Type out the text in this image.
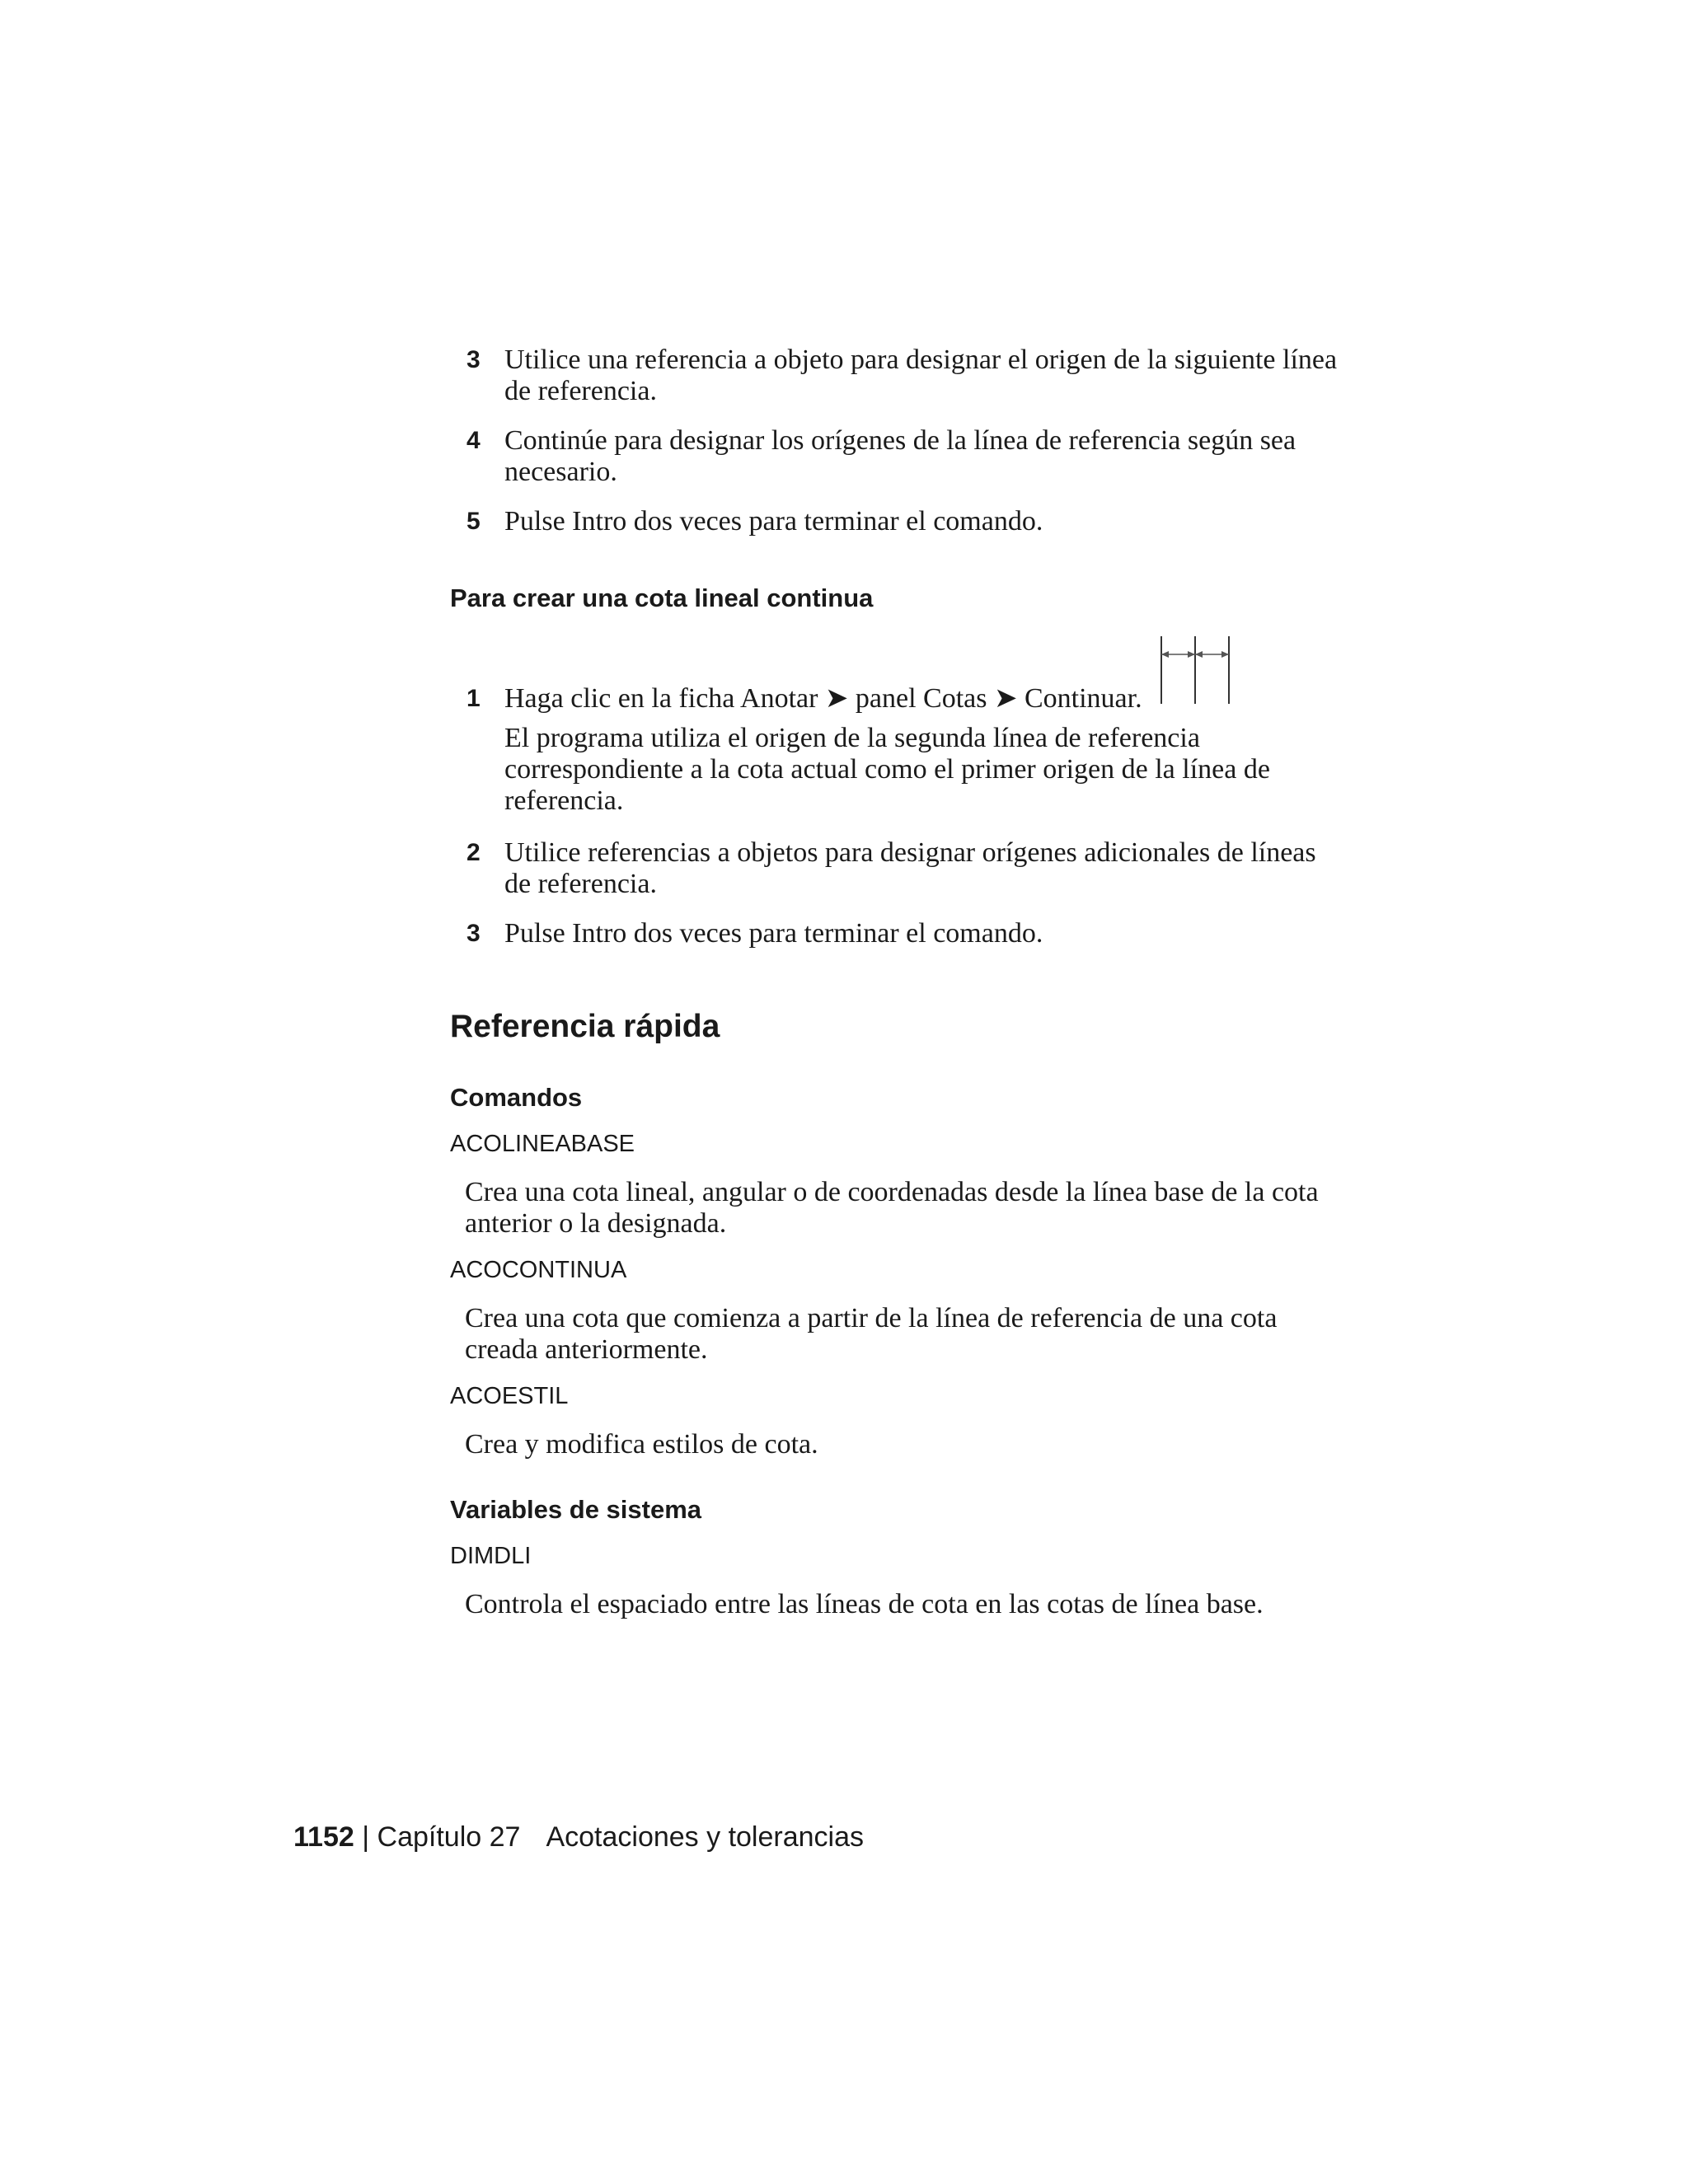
3 Utilice una referencia a objeto para designar el origen de la siguiente línea de referencia.
4 Continúe para designar los orígenes de la línea de referencia según sea necesario.
5 Pulse Intro dos veces para terminar el comando.
Para crear una cota lineal continua
1 Haga clic en la ficha Anotar ➤ panel Cotas ➤ Continuar.
El programa utiliza el origen de la segunda línea de referencia correspondiente a la cota actual como el primer origen de la línea de referencia.
2 Utilice referencias a objetos para designar orígenes adicionales de líneas de referencia.
3 Pulse Intro dos veces para terminar el comando.
Referencia rápida
Comandos
ACOLINEABASE
Crea una cota lineal, angular o de coordenadas desde la línea base de la cota anterior o la designada.
ACOCONTINUA
Crea una cota que comienza a partir de la línea de referencia de una cota creada anteriormente.
ACOESTIL
Crea y modifica estilos de cota.
Variables de sistema
DIMDLI
Controla el espaciado entre las líneas de cota en las cotas de línea base.
1152 | Capítulo 27 Acotaciones y tolerancias
